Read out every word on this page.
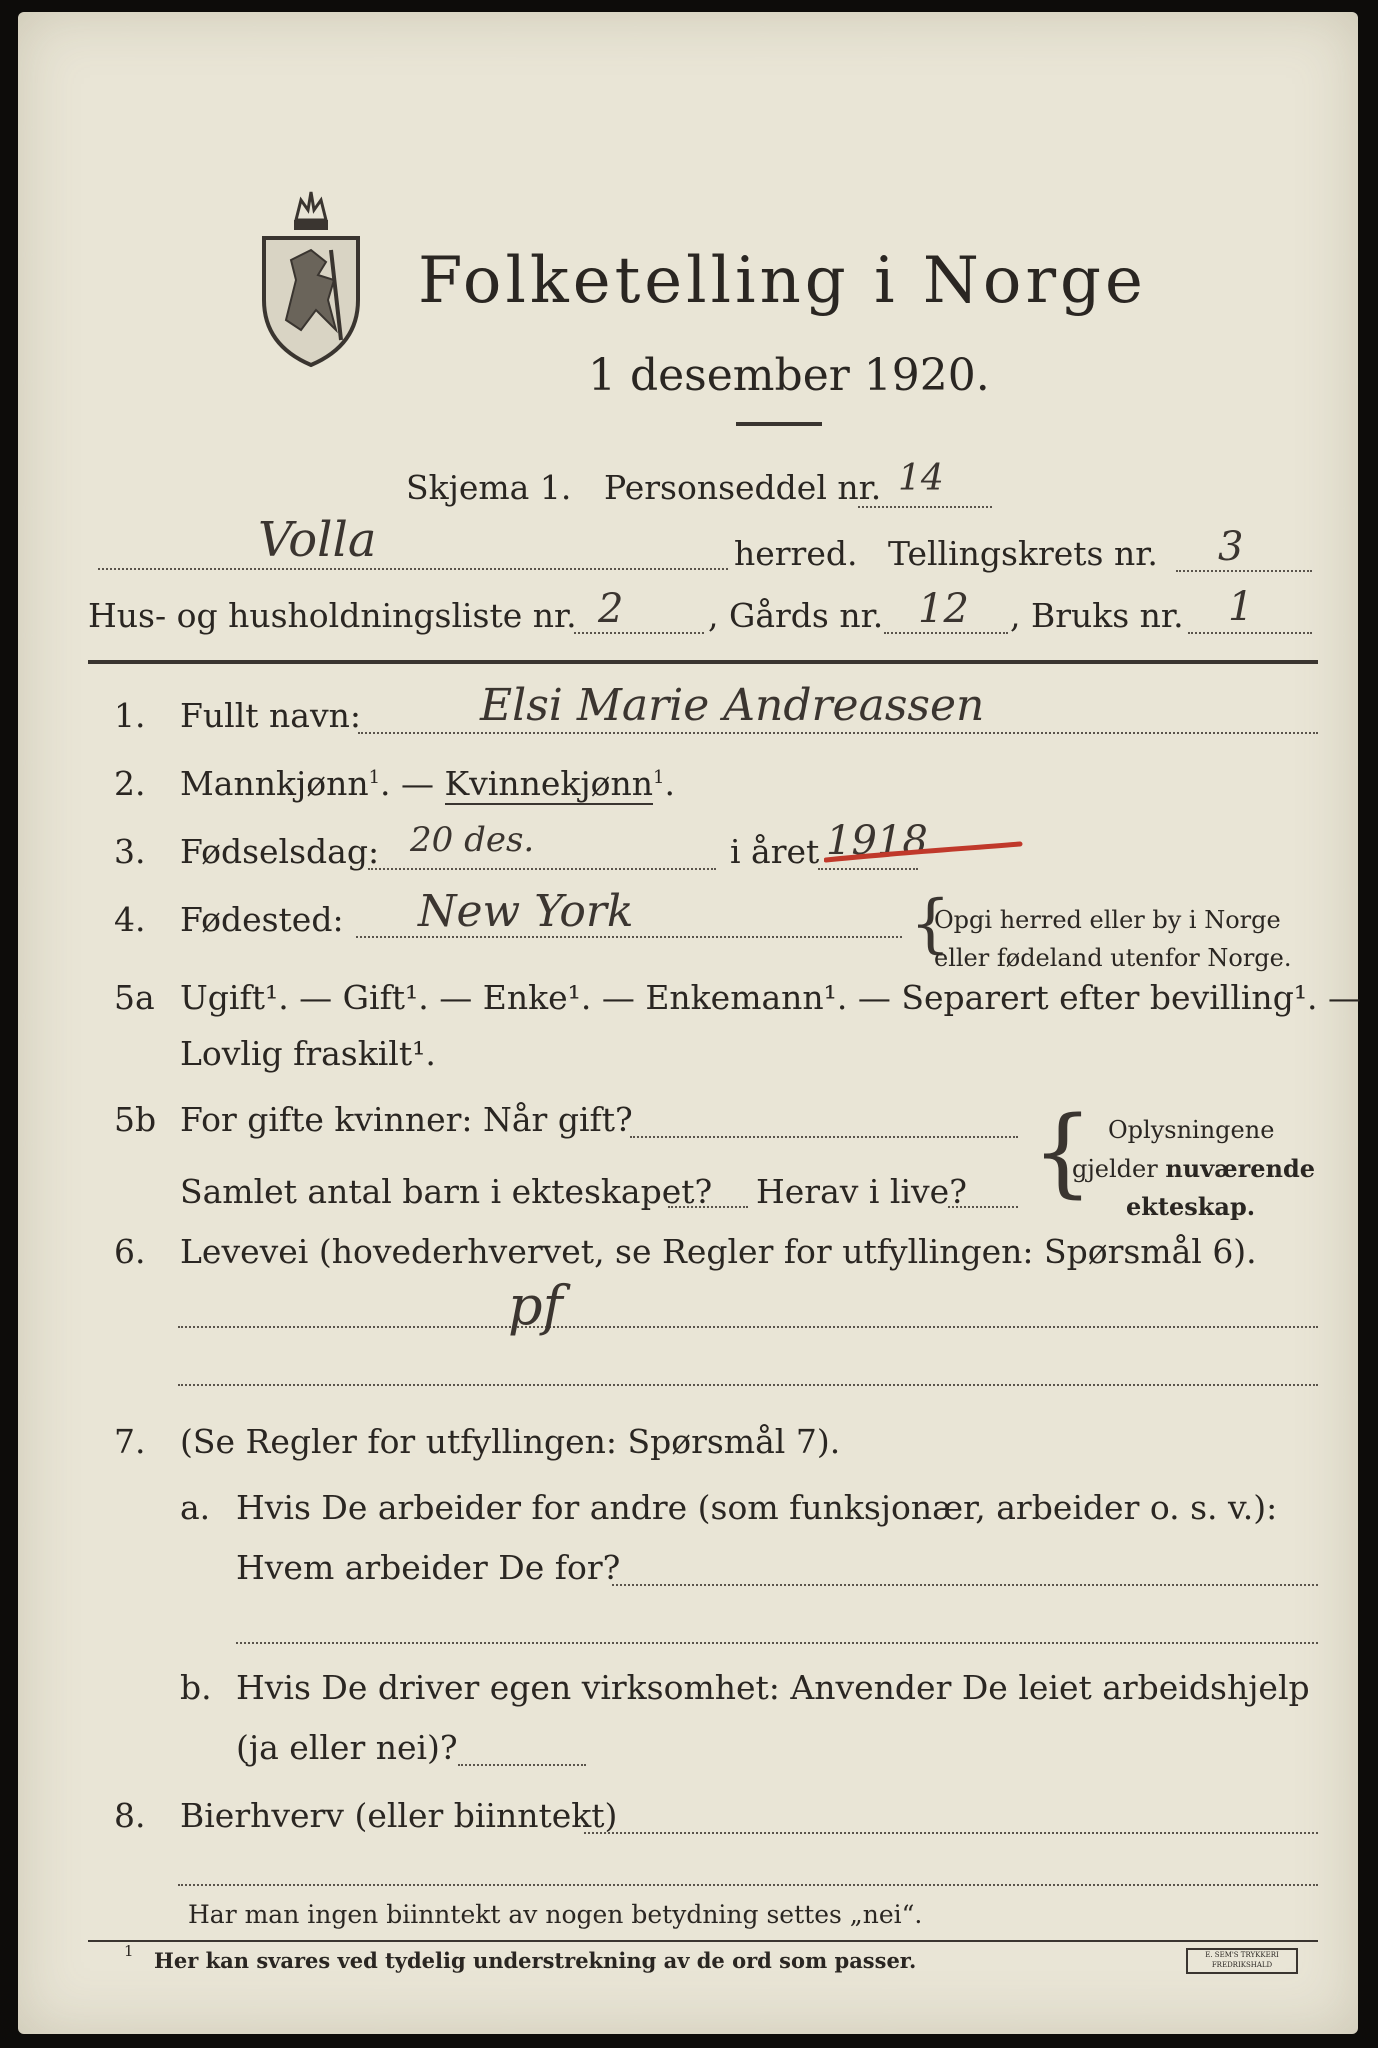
Folketelling i Norge
1 desember 1920.
Skjema 1. Personseddel nr. 14
Volla	herred. Tellingskrets nr. 3
Hus- og husholdningsliste nr. 2	, Gårds nr. 12 , Bruks nr. 1
1. Fullt navn:	Elsi Marie Andreassen
2. Mannkjønn$^1$. — Kvinnekjønn$^1$.
3. Fødselsdag: 20 des.	i året 1918
4. Fødested: New York	{
Opgi herred eller by i Norge
eller fødeland utenfor Norge.
5a Ugift¹. — Gift¹. — Enke¹. — Enkemann¹. — Separert efter bevilling¹. —
Lovlig fraskilt¹.
5b For gifte kvinner: Når gift?
Samlet antal barn i ekteskapet? Herav i live? { Oplysningene
gjelder nuværende
ekteskap.
6. Levevei (hovederhvervet, se Regler for utfyllingen: Spørsmål 6).
pf
7. (Se Regler for utfyllingen: Spørsmål 7).
a. Hvis De arbeider for andre (som funksjonær, arbeider o. s. v.):
Hvem arbeider De for?
b. Hvis De driver egen virksomhet: Anvender De leiet arbeidshjelp
(ja eller nei)?
8. Bierhverv (eller biinntekt)
Har man ingen biinntekt av nogen betydning settes „nei“.
1 Her kan svares ved tydelig understrekning av de ord som passer.	E. SEM'S TRYKKERI FREDRIKSHALD
